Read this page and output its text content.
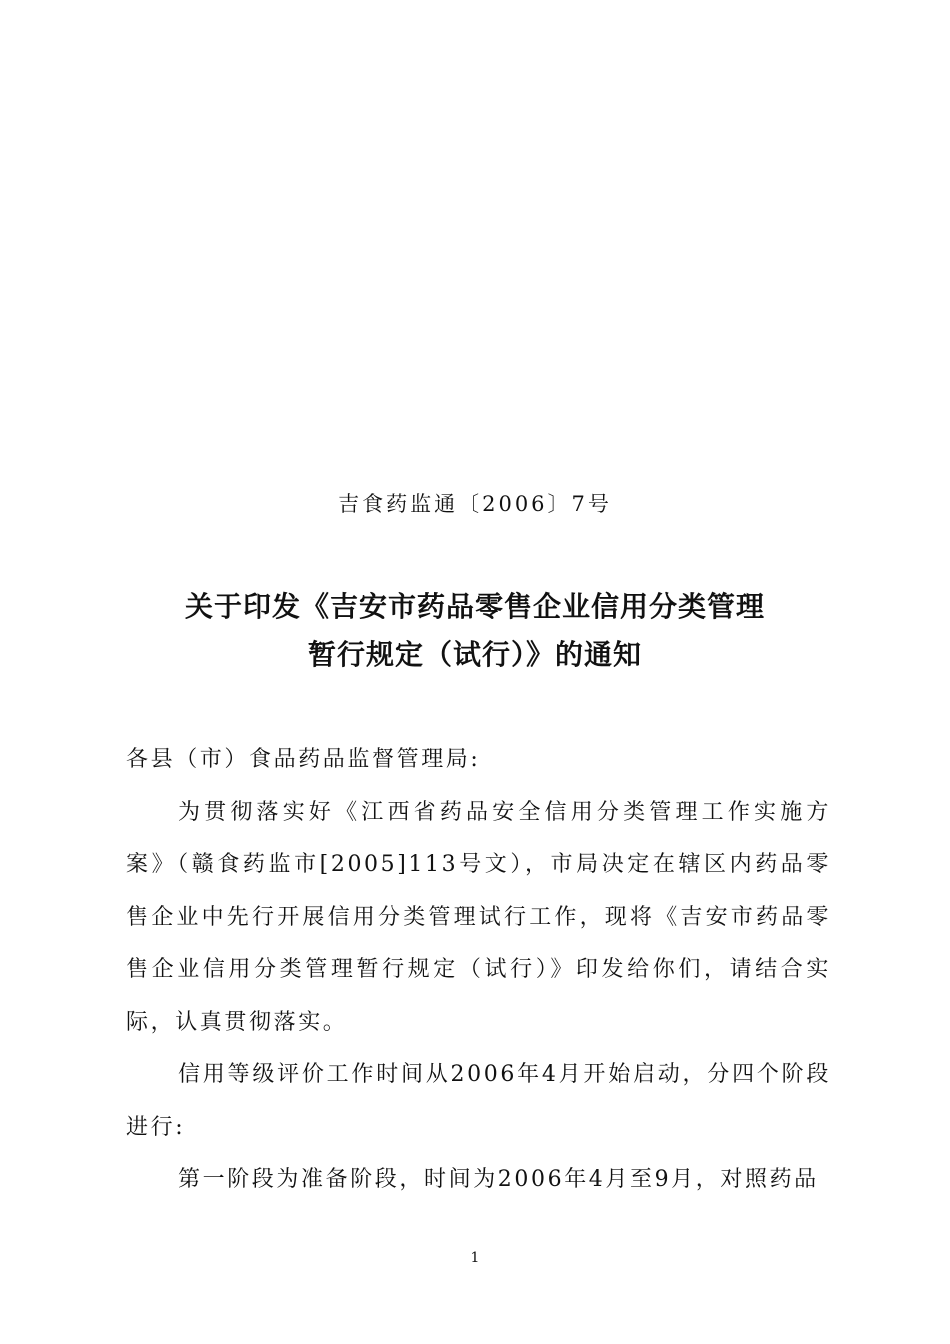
吉食药监通〔2006〕7号
关于印发《吉安市药品零售企业信用分类管理
暂行规定（试行）》的通知

各县（市）食品药品监督管理局:

为贯彻落实好《江西省药品安全信用分类管理工作实施方案》（赣食药监市[2005]113号文），市局决定在辖区内药品零售企业中先行开展信用分类管理试行工作，现将《吉安市药品零售企业信用分类管理暂行规定（试行）》印发给你们，请结合实际，认真贯彻落实。

信用等级评价工作时间从2006年4月开始启动，分四个阶段进行:

第一阶段为准备阶段，时间为2006年4月至9月，对照药品

1
